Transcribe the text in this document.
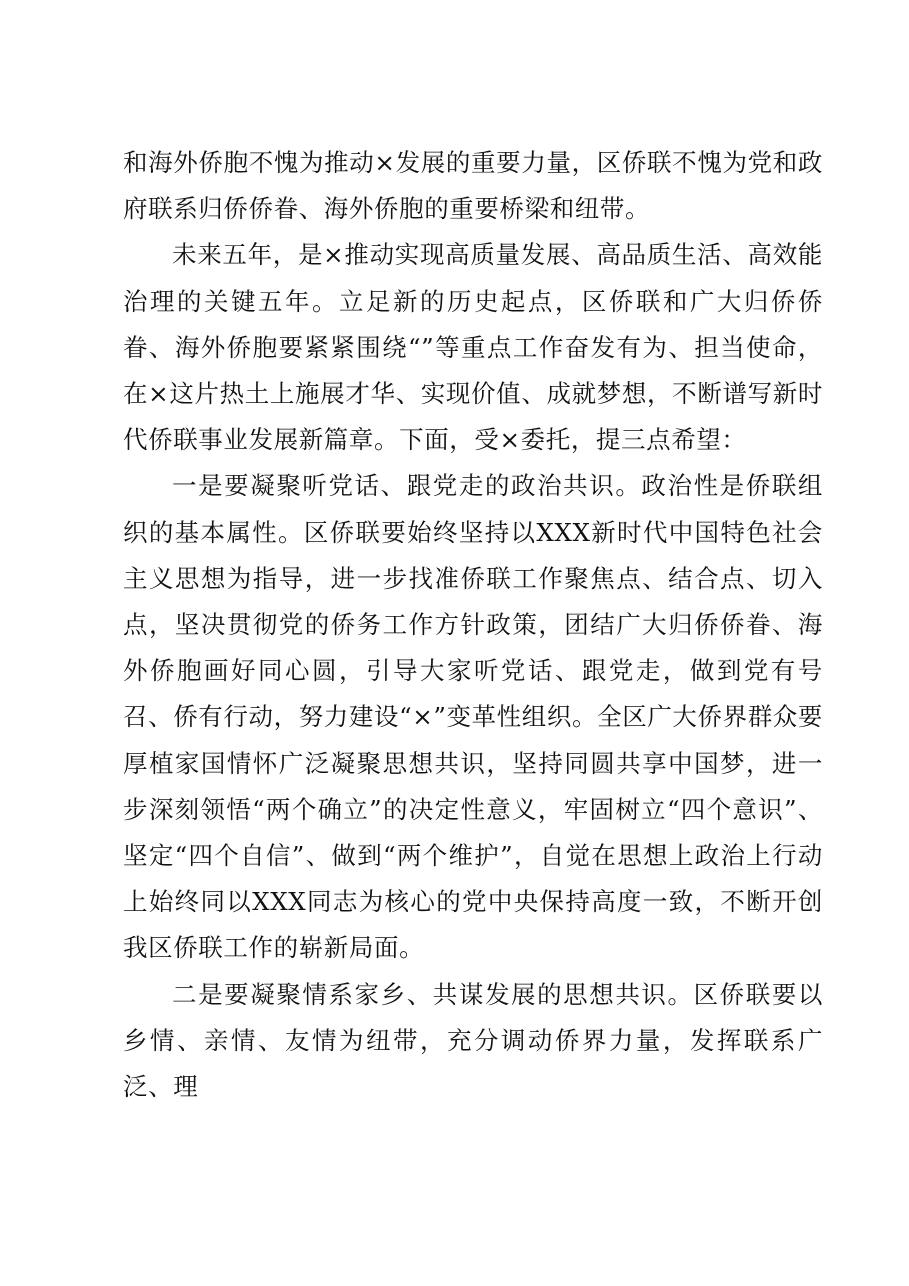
和海外侨胞不愧为推动×发展的重要力量，区侨联不愧为党和政府联系归侨侨眷、海外侨胞的重要桥梁和纽带。

未来五年，是×推动实现高质量发展、高品质生活、高效能治理的关键五年。立足新的历史起点，区侨联和广大归侨侨眷、海外侨胞要紧紧围绕“”等重点工作奋发有为、担当使命，在×这片热土上施展才华、实现价值、成就梦想，不断谱写新时代侨联事业发展新篇章。下面，受×委托，提三点希望：

一是要凝聚听党话、跟党走的政治共识。政治性是侨联组织的基本属性。区侨联要始终坚持以XXX新时代中国特色社会主义思想为指导，进一步找准侨联工作聚焦点、结合点、切入点，坚决贯彻党的侨务工作方针政策，团结广大归侨侨眷、海外侨胞画好同心圆，引导大家听党话、跟党走，做到党有号召、侨有行动，努力建设“×”变革性组织。全区广大侨界群众要厚植家国情怀广泛凝聚思想共识，坚持同圆共享中国梦，进一步深刻领悟“两个确立”的决定性意义，牢固树立“四个意识”、坚定“四个自信”、做到“两个维护”，自觉在思想上政治上行动上始终同以XXX同志为核心的党中央保持高度一致，不断开创我区侨联工作的崭新局面。

二是要凝聚情系家乡、共谋发展的思想共识。区侨联要以乡情、亲情、友情为纽带，充分调动侨界力量，发挥联系广泛、理
